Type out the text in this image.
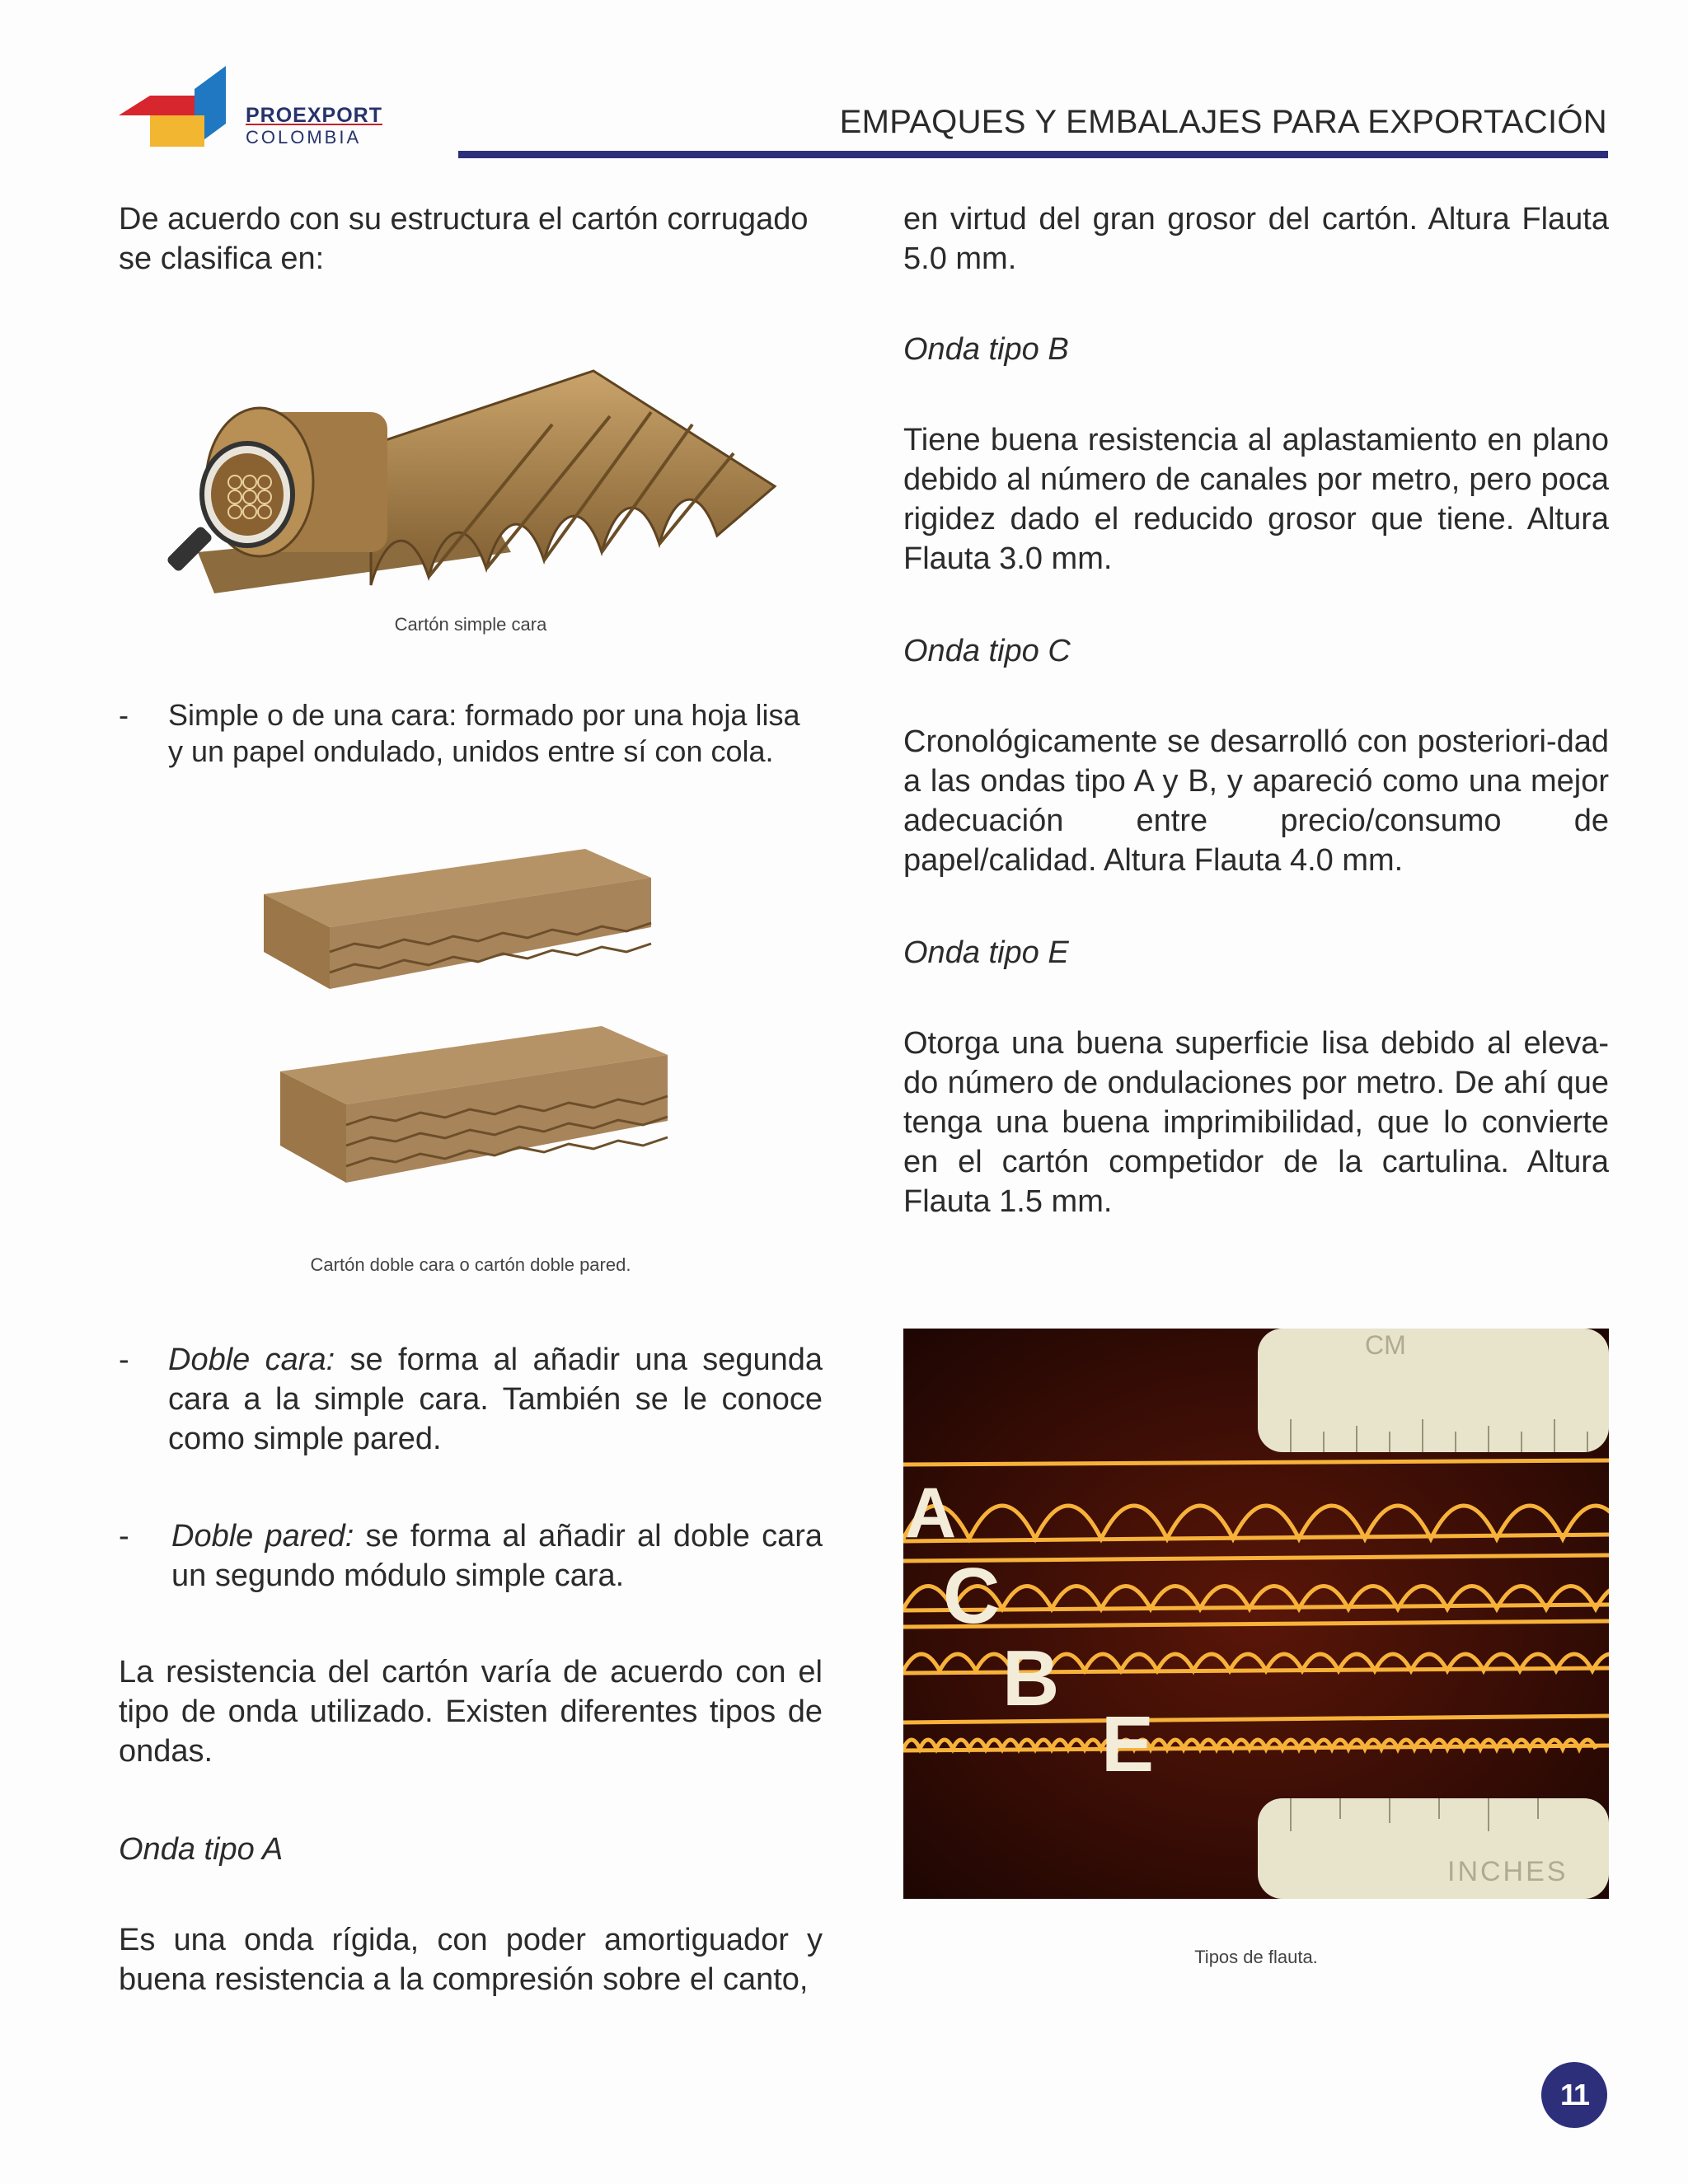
PROEXPORT
COLOMBIA	EMPAQUES Y EMBALAJES PARA EXPORTACIÓN

De acuerdo con su estructura el cartón corrugado se clasifica en:

Cartón simple cara
- Simple o de una cara: formado por una hoja lisa y un papel ondulado, unidos entre sí con cola.
Cartón doble cara o cartón doble pared.
- Doble cara: se forma al añadir una segunda cara a la simple cara. También se le conoce como simple pared.
- Doble pared: se forma al añadir al doble cara un segundo módulo simple cara.

La resistencia del cartón varía de acuerdo con el tipo de onda utilizado. Existen diferentes tipos de ondas.

Onda tipo A

Es una onda rígida, con poder amortiguador y buena resistencia a la compresión sobre el canto,

en virtud del gran grosor del cartón. Altura Flauta 5.0 mm.

Onda tipo B

Tiene buena resistencia al aplastamiento en plano debido al número de canales por metro, pero poca rigidez dado el reducido grosor que tiene. Altura Flauta 3.0 mm.

Onda tipo C

Cronológicamente se desarrolló con posteriori-dad a las ondas tipo A y B, y apareció como una mejor adecuación entre precio/consumo de papel/calidad. Altura Flauta 4.0 mm.

Onda tipo E

Otorga una buena superficie lisa debido al eleva-do número de ondulaciones por metro. De ahí que tenga una buena imprimibilidad, que lo convierte en el cartón competidor de la cartulina. Altura Flauta 1.5 mm.

CM
INCHES
A
C
B
E
Tipos de flauta.
11
